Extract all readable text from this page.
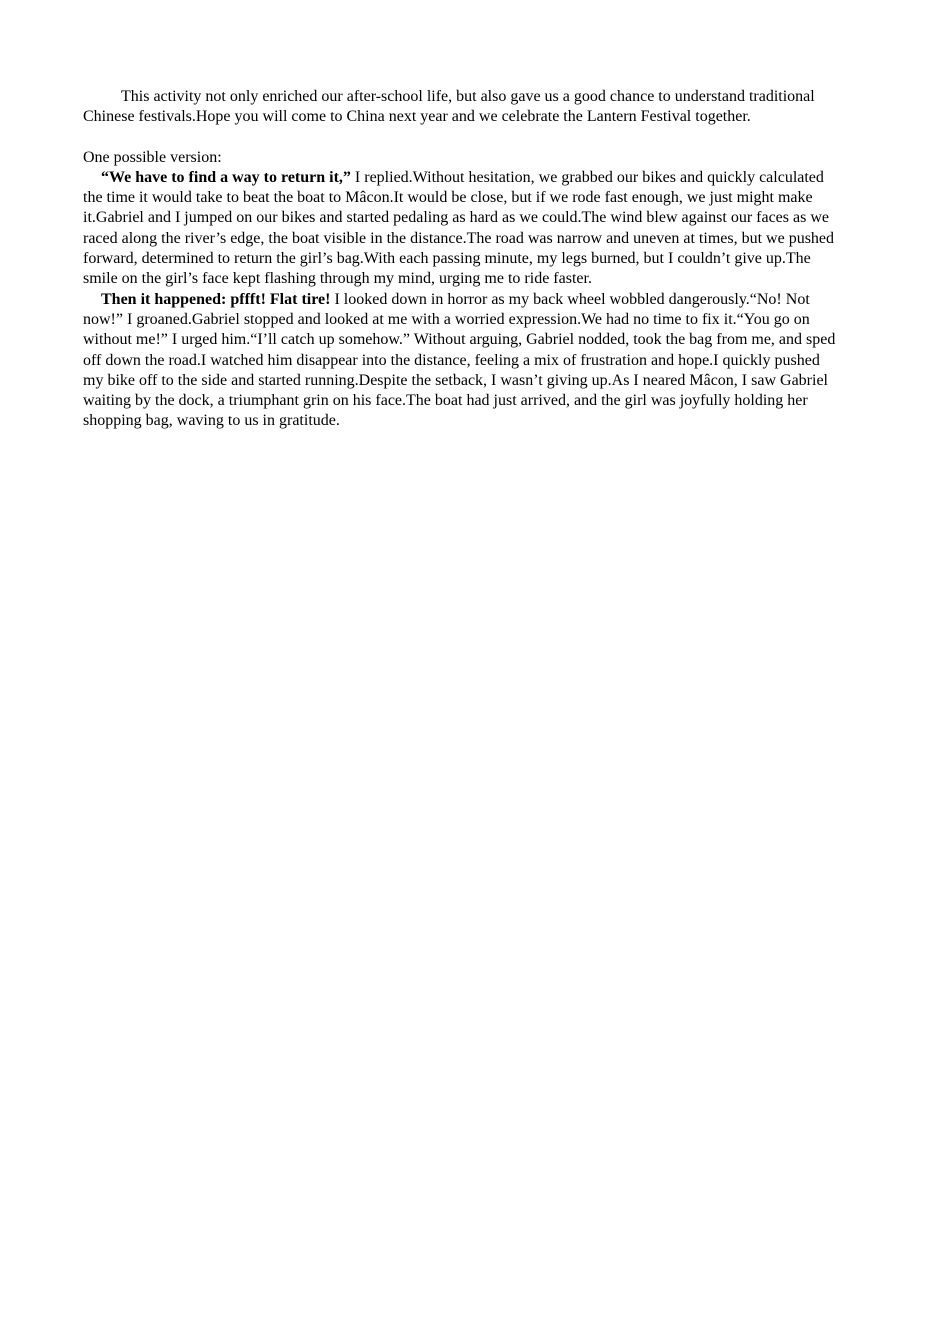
This activity not only enriched our after-school life, but also gave us a good chance to understand traditional Chinese festivals.Hope you will come to China next year and we celebrate the Lantern Festival together.

One possible version:

“We have to find a way to return it,” I replied.Without hesitation, we grabbed our bikes and quickly calculated the time it would take to beat the boat to Mâcon.It would be close, but if we rode fast enough, we just might make it.Gabriel and I jumped on our bikes and started pedaling as hard as we could.The wind blew against our faces as we raced along the river’s edge, the boat visible in the distance.The road was narrow and uneven at times, but we pushed forward, determined to return the girl’s bag.With each passing minute, my legs burned, but I couldn’t give up.The smile on the girl’s face kept flashing through my mind, urging me to ride faster.

Then it happened: pffft! Flat tire! I looked down in horror as my back wheel wobbled dangerously.“No! Not now!” I groaned.Gabriel stopped and looked at me with a worried expression.We had no time to fix it.“You go on without me!” I urged him.“I’ll catch up somehow.” Without arguing, Gabriel nodded, took the bag from me, and sped off down the road.I watched him disappear into the distance, feeling a mix of frustration and hope.I quickly pushed my bike off to the side and started running.Despite the setback, I wasn’t giving up.As I neared Mâcon, I saw Gabriel waiting by the dock, a triumphant grin on his face.The boat had just arrived, and the girl was joyfully holding her shopping bag, waving to us in gratitude.
